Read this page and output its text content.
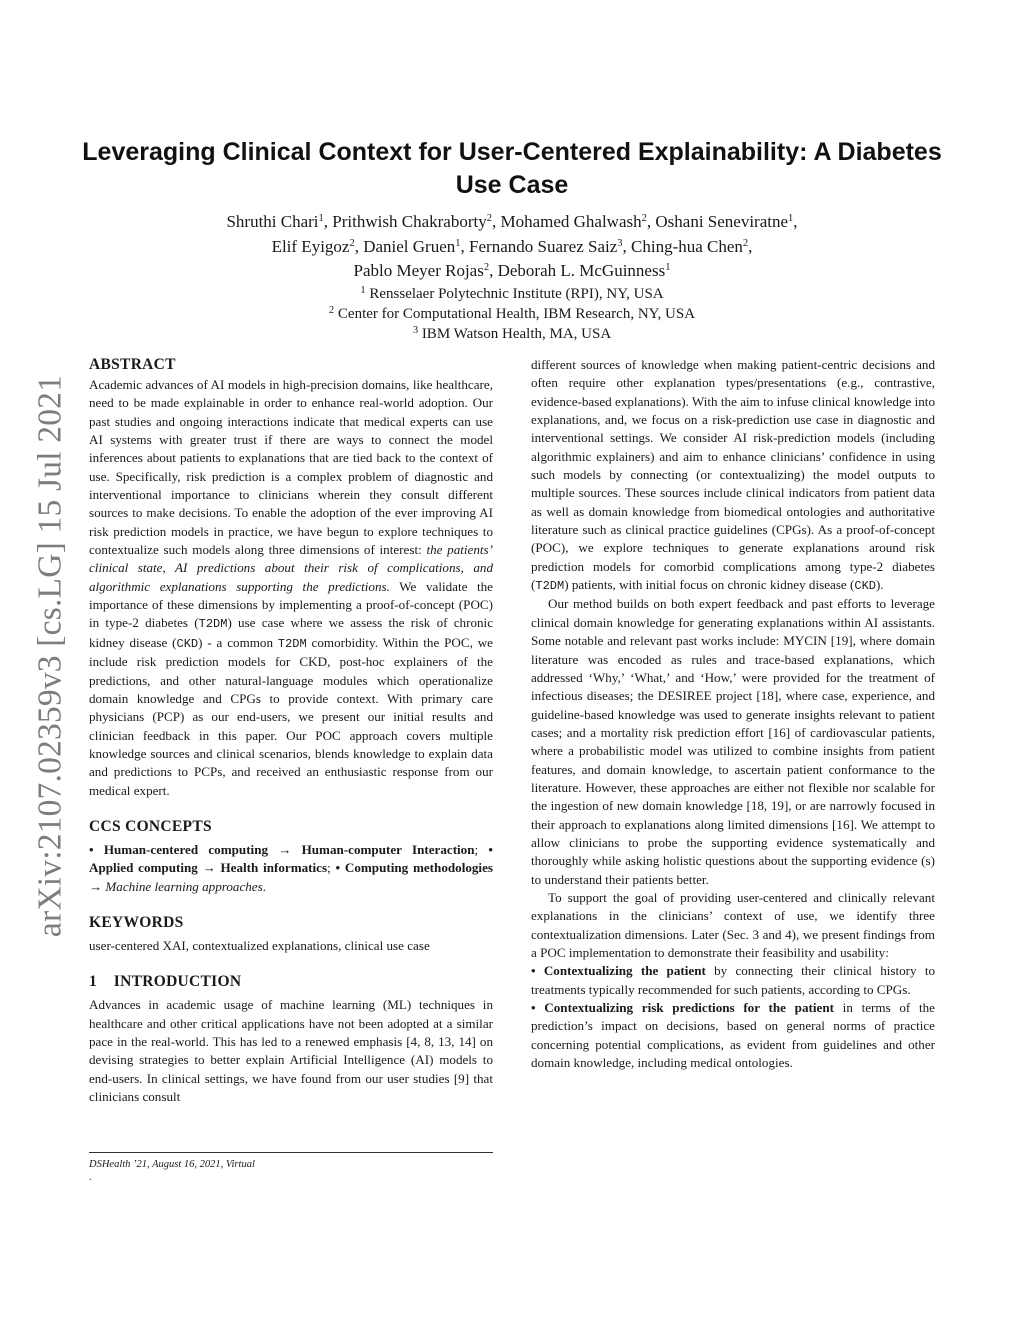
arXiv:2107.02359v3 [cs.LG] 15 Jul 2021
Leveraging Clinical Context for User-Centered Explainability: A Diabetes Use Case
Shruthi Chari$^1$, Prithwish Chakraborty$^2$, Mohamed Ghalwash$^2$, Oshani Seneviratne$^1$,
Elif Eyigoz$^2$, Daniel Gruen$^1$, Fernando Suarez Saiz$^3$, Ching-hua Chen$^2$,
Pablo Meyer Rojas$^2$, Deborah L. McGuinness$^1$
$^1$ Rensselaer Polytechnic Institute (RPI), NY, USA
$^2$ Center for Computational Health, IBM Research, NY, USA
$^3$ IBM Watson Health, MA, USA
ABSTRACT

Academic advances of AI models in high-precision domains, like healthcare, need to be made explainable in order to enhance real-world adoption. Our past studies and ongoing interactions indicate that medical experts can use AI systems with greater trust if there are ways to connect the model inferences about patients to explanations that are tied back to the context of use. Specifically, risk prediction is a complex problem of diagnostic and interventional importance to clinicians wherein they consult different sources to make decisions. To enable the adoption of the ever improving AI risk prediction models in practice, we have begun to explore techniques to contextualize such models along three dimensions of interest: the patients’ clinical state, AI predictions about their risk of complications, and algorithmic explanations supporting the predictions. We validate the importance of these dimensions by implementing a proof-of-concept (POC) in type-2 diabetes (T2DM) use case where we assess the risk of chronic kidney disease (CKD) - a common T2DM comorbidity. Within the POC, we include risk prediction models for CKD, post-hoc explainers of the predictions, and other natural-language modules which operationalize domain knowledge and CPGs to provide context. With primary care physicians (PCP) as our end-users, we present our initial results and clinician feedback in this paper. Our POC approach covers multiple knowledge sources and clinical scenarios, blends knowledge to explain data and predictions to PCPs, and received an enthusiastic response from our medical expert.

CCS CONCEPTS

• Human-centered computing → Human-computer Interaction; • Applied computing → Health informatics; • Computing methodologies → Machine learning approaches.

KEYWORDS

user-centered XAI, contextualized explanations, clinical use case

1    INTRODUCTION

Advances in academic usage of machine learning (ML) techniques in healthcare and other critical applications have not been adopted at a similar pace in the real-world. This has led to a renewed emphasis [4, 8, 13, 14] on devising strategies to better explain Artificial Intelligence (AI) models to end-users. In clinical settings, we have found from our user studies [9] that clinicians consult

DSHealth ’21, August 16, 2021, Virtual
.

different sources of knowledge when making patient-centric decisions and often require other explanation types/presentations (e.g., contrastive, evidence-based explanations). With the aim to infuse clinical knowledge into explanations, and, we focus on a risk-prediction use case in diagnostic and interventional settings. We consider AI risk-prediction models (including algorithmic explainers) and aim to enhance clinicians’ confidence in using such models by connecting (or contextualizing) the model outputs to multiple sources. These sources include clinical indicators from patient data as well as domain knowledge from biomedical ontologies and authoritative literature such as clinical practice guidelines (CPGs). As a proof-of-concept (POC), we explore techniques to generate explanations around risk prediction models for comorbid complications among type-2 diabetes (T2DM) patients, with initial focus on chronic kidney disease (CKD).

Our method builds on both expert feedback and past efforts to leverage clinical domain knowledge for generating explanations within AI assistants. Some notable and relevant past works include: MYCIN [19], where domain literature was encoded as rules and trace-based explanations, which addressed ‘Why,’ ‘What,’ and ‘How,’ were provided for the treatment of infectious diseases; the DESIREE project [18], where case, experience, and guideline-based knowledge was used to generate insights relevant to patient cases; and a mortality risk prediction effort [16] of cardiovascular patients, where a probabilistic model was utilized to combine insights from patient features, and domain knowledge, to ascertain patient conformance to the literature. However, these approaches are either not flexible nor scalable for the ingestion of new domain knowledge [18, 19], or are narrowly focused in their approach to explanations along limited dimensions [16]. We attempt to allow clinicians to probe the supporting evidence systematically and thoroughly while asking holistic questions about the supporting evidence (s) to understand their patients better.

To support the goal of providing user-centered and clinically relevant explanations in the clinicians’ context of use, we identify three contextualization dimensions. Later (Sec. 3 and 4), we present findings from a POC implementation to demonstrate their feasibility and usability:

• Contextualizing the patient by connecting their clinical history to treatments typically recommended for such patients, according to CPGs.

• Contextualizing risk predictions for the patient in terms of the prediction’s impact on decisions, based on general norms of practice concerning potential complications, as evident from guidelines and other domain knowledge, including medical ontologies.
